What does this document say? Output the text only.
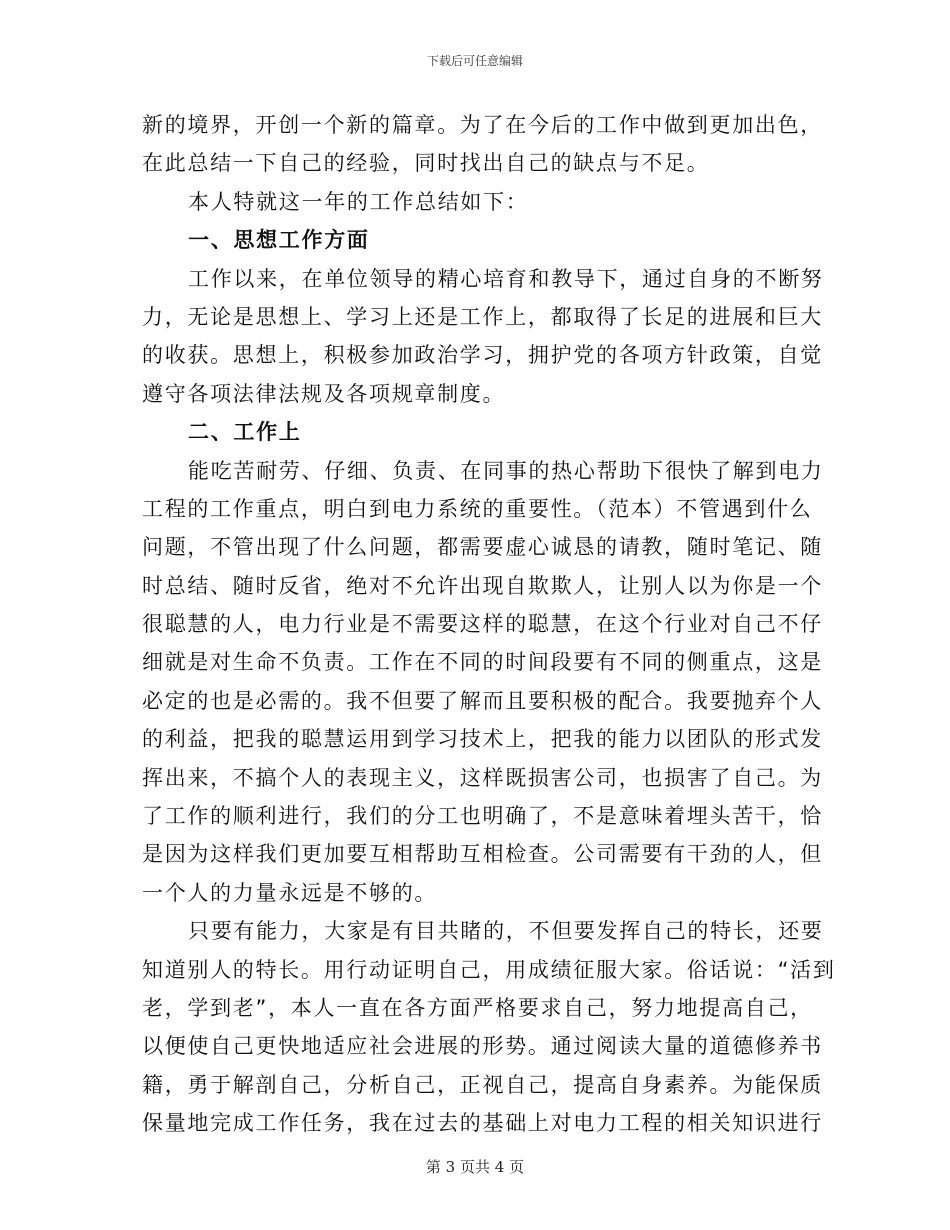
下载后可任意编辑
新的境界，开创一个新的篇章。为了在今后的工作中做到更加出色，
在此总结一下自己的经验，同时找出自己的缺点与不足。
本人特就这一年的工作总结如下：
一、思想工作方面
工作以来，在单位领导的精心培育和教导下，通过自身的不断努
力，无论是思想上、学习上还是工作上，都取得了长足的进展和巨大
的收获。思想上，积极参加政治学习，拥护党的各项方针政策，自觉
遵守各项法律法规及各项规章制度。
二、工作上
能吃苦耐劳、仔细、负责、在同事的热心帮助下很快了解到电力
工程的工作重点，明白到电力系统的重要性。（范本）不管遇到什么
问题，不管出现了什么问题，都需要虚心诚恳的请教，随时笔记、随
时总结、随时反省，绝对不允许出现自欺欺人，让别人以为你是一个
很聪慧的人，电力行业是不需要这样的聪慧，在这个行业对自己不仔
细就是对生命不负责。工作在不同的时间段要有不同的侧重点，这是
必定的也是必需的。我不但要了解而且要积极的配合。我要抛弃个人
的利益，把我的聪慧运用到学习技术上，把我的能力以团队的形式发
挥出来，不搞个人的表现主义，这样既损害公司，也损害了自己。为
了工作的顺利进行，我们的分工也明确了，不是意味着埋头苦干，恰
是因为这样我们更加要互相帮助互相检查。公司需要有干劲的人，但
一个人的力量永远是不够的。
只要有能力，大家是有目共睹的，不但要发挥自己的特长，还要
知道别人的特长。用行动证明自己，用成绩征服大家。俗话说：“活到
老，学到老”，本人一直在各方面严格要求自己，努力地提高自己，
以便使自己更快地适应社会进展的形势。通过阅读大量的道德修养书
籍，勇于解剖自己，分析自己，正视自己，提高自身素养。为能保质
保量地完成工作任务，我在过去的基础上对电力工程的相关知识进行
第 3 页共 4 页
